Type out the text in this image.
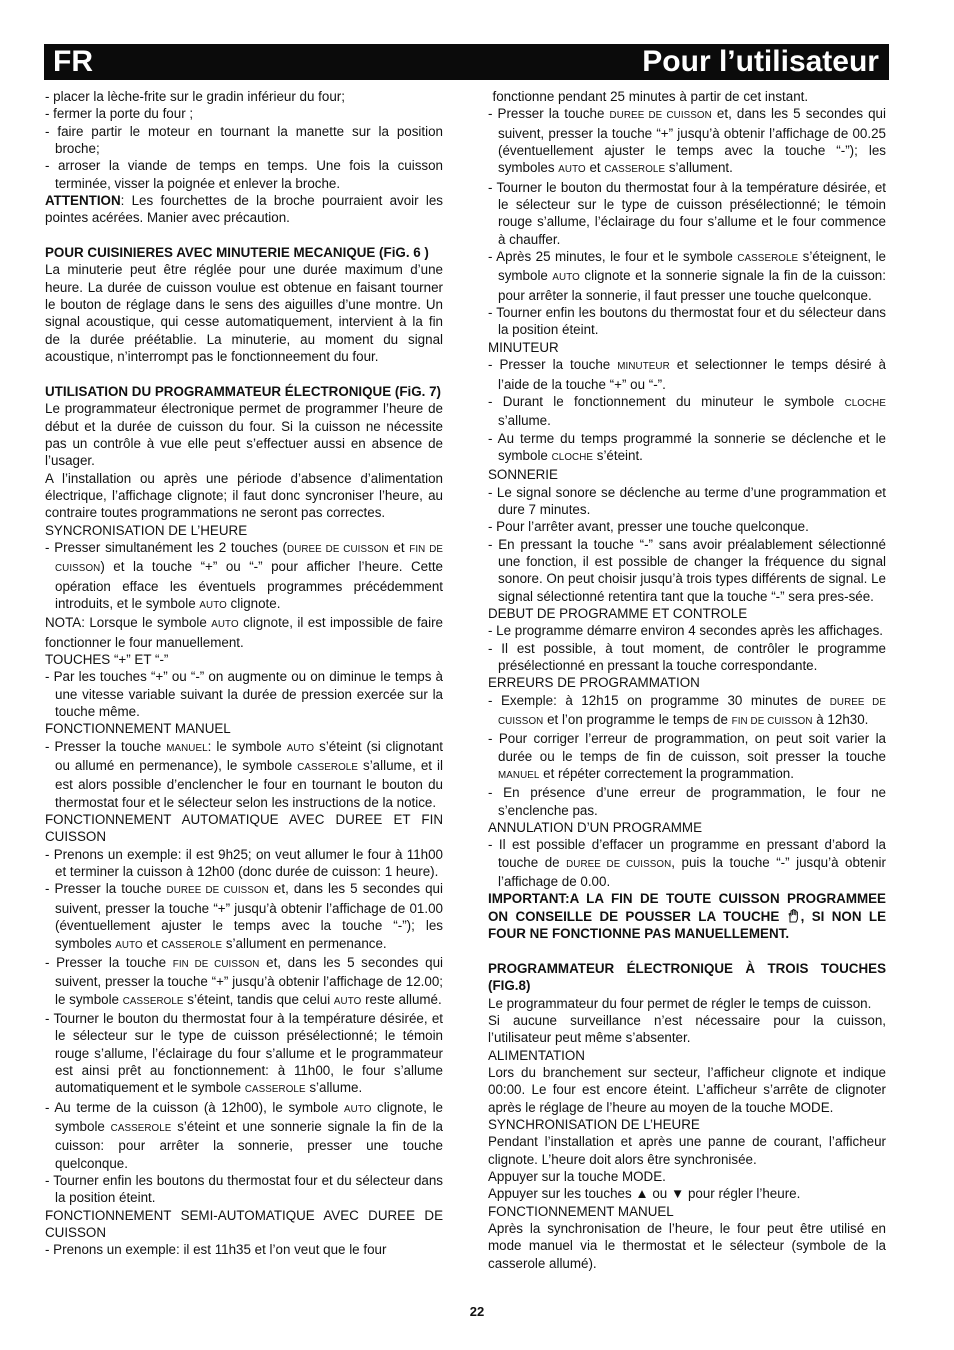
FR	Pour l’utilisateur

- placer la lèche-frite sur le gradin inférieur du four;

- fermer la porte du four ;

- faire partir le moteur en tournant la manette sur la position broche;

- arroser la viande de temps en temps. Une fois la cuisson terminée, visser la poignée et enlever la broche.

ATTENTION: Les fourchettes de la broche pourraient avoir les pointes acérées. Manier avec précaution.

POUR CUISINIERES AVEC MINUTERIE MECANIQUE (FiG. 6 )

La minuterie peut être réglée pour une durée maximum d’une heure. La durée de cuisson voulue est obtenue en faisant tourner le bouton de réglage dans le sens des aiguilles d’une montre. Un signal acoustique, qui cesse automatiquement, intervient à la fin de la durée préétablie. La minuterie, au moment du signal acoustique, n’interrompt pas le fonctionneement du four.

UTILISATION DU PROGRAMMATEUR ÉLECTRONIQUE (FiG. 7)

Le programmateur électronique permet de programmer l’heure de début et la durée de cuisson du four. Si la cuisson ne nécessite pas un contrôle à vue elle peut s’effectuer aussi en absence de l’usager.

A l’installation ou après une période d’absence d’alimentation électrique, l’affichage clignote; il faut donc syncroniser l’heure, au contraire toutes programmations ne seront pas correctes.

SYNCRONISATION DE L’HEURE

- Presser simultanément les 2 touches (DUREE DE CUISSON et FIN DE CUISSON) et la touche “+” ou “-” pour afficher l’heure. Cette opération efface les éventuels programmes précédemment introduits, et le symbole AUTO clignote.

NOTA: Lorsque le symbole AUTO clignote, il est impossible de faire fonctionner le four manuellement.

TOUCHES “+” ET “-”

- Par les touches “+” ou “-” on augmente ou on diminue le temps à une vitesse variable suivant la durée de pression exercée sur la touche même.

FONCTIONNEMENT MANUEL

- Presser la touche MANUEL: le symbole AUTO s’éteint (si clignotant ou allumé en permenance), le symbole CASSEROLE s’allume, et il est alors possible d’enclencher le four en tournant le bouton du thermostat four et le sélecteur selon les instructions de la notice.

FONCTIONNEMENT AUTOMATIQUE AVEC DUREE ET FIN CUISSON

- Prenons un exemple: il est 9h25; on veut allumer le four à 11h00 et terminer la cuisson à 12h00 (donc durée de cuisson: 1 heure).

- Presser la touche DUREE DE CUISSON et, dans les 5 secondes qui suivent, presser la touche “+” jusqu’à obtenir l’affichage de 01.00 (éventuellement ajuster le temps avec la touche “-”); les symboles AUTO et CASSEROLE s’allument en permenance.

- Presser la touche FIN DE CUISSON et, dans les 5 secondes qui suivent, presser la touche “+” jusqu’à obtenir l’affichage de 12.00; le symbole CASSEROLE s’éteint, tandis que celui AUTO reste allumé.

- Tourner le bouton du thermostat four à la température désirée, et le sélecteur sur le type de cuisson présélectionné; le témoin rouge s’allume, l’éclairage du four s’allume et le programmateur est ainsi prêt au fonctionnement: à 11h00, le four s’allume automatiquement et le symbole CASSEROLE s’allume.

- Au terme de la cuisson (à 12h00), le symbole AUTO clignote, le symbole CASSEROLE s’éteint et une sonnerie signale la fin de la cuisson: pour arrêter la sonnerie, presser une touche quelconque.

- Tourner enfin les boutons du thermostat four et du sélecteur dans la position éteint.

FONCTIONNEMENT SEMI-AUTOMATIQUE AVEC DUREE DE CUISSON

- Prenons un exemple: il est 11h35 et l’on veut que le four

fonctionne pendant 25 minutes à partir de cet instant.

- Presser la touche DUREE DE CUISSON et, dans les 5 secondes qui suivent, presser la touche “+” jusqu’à obtenir l’affichage de 00.25 (éventuellement ajuster le temps avec la touche “-”); les symboles AUTO et CASSEROLE s’allument.

- Tourner le bouton du thermostat four à la température désirée, et le sélecteur sur le type de cuisson présélectionné; le témoin rouge s’allume, l’éclairage du four s’allume et le four commence à chauffer.

- Après 25 minutes, le four et le symbole CASSEROLE s’éteignent, le symbole AUTO clignote et la sonnerie signale la fin de la cuisson: pour arrêter la sonnerie, il faut presser une touche quelconque.

- Tourner enfin les boutons du thermostat four et du sélecteur dans la position éteint.

MINUTEUR

- Presser la touche MINUTEUR et selectionner le temps désiré à l’aide de la touche “+” ou “-”.

- Durant le fonctionnement du minuteur le symbole CLOCHE s’allume.

- Au terme du temps programmé la sonnerie se déclenche et le symbole CLOCHE s’éteint.

SONNERIE

- Le signal sonore se déclenche au terme d’une programmation et dure 7 minutes.

- Pour l’arrêter avant, presser une touche quelconque.

- En pressant la touche “-” sans avoir préalablement sélectionné une fonction, il est possible de changer la fréquence du signal sonore. On peut choisir jusqu’à trois types différents de signal. Le signal sélectionné retentira tant que la touche “-” sera pres-sée.

DEBUT DE PROGRAMME ET CONTROLE

- Le programme démarre environ 4 secondes après les affichages.

- Il est possible, à tout moment, de contrôler le programme présélectionné en pressant la touche correspondante.

ERREURS DE PROGRAMMATION

- Exemple: à 12h15 on programme 30 minutes de DUREE DE CUISSON et l’on programme le temps de FIN DE CUISSON à 12h30.

- Pour corriger l’erreur de programmation, on peut soit varier la durée ou le temps de fin de cuisson, soit presser la touche MANUEL et répéter correctement la programmation.

- En présence d’une erreur de programmation, le four ne s’enclenche pas.

ANNULATION D’UN PROGRAMME

- Il est possible d’effacer un programme en pressant d’abord la touche de DUREE DE CUISSON, puis la touche “-” jusqu’à obtenir l’affichage de 0.00.

IMPORTANT:A LA FIN DE TOUTE CUISSON PROGRAMMEE ON CONSEILLE DE POUSSER LA TOUCHE , SI NON LE FOUR NE FONCTIONNE PAS MANUELLEMENT.

PROGRAMMATEUR ÉLECTRONIQUE À TROIS TOUCHES (FIG.8)

Le programmateur du four permet de régler le temps de cuisson.

Si aucune surveillance n’est nécessaire pour la cuisson, l’utilisateur peut même s’absenter.

ALIMENTATION

Lors du branchement sur secteur, l’afficheur clignote et indique 00:00. Le four est encore éteint. L’afficheur s’arrête de clignoter après le réglage de l’heure au moyen de la touche MODE.

SYNCHRONISATION DE L’HEURE

Pendant l’installation et après une panne de courant, l’afficheur clignote. L’heure doit alors être synchronisée.

Appuyer sur la touche MODE.

Appuyer sur les touches ▲ ou ▼ pour régler l’heure.

FONCTIONNEMENT MANUEL

Après la synchronisation de l’heure, le four peut être utilisé en mode manuel via le thermostat et le sélecteur (symbole de la casserole allumé).

22
